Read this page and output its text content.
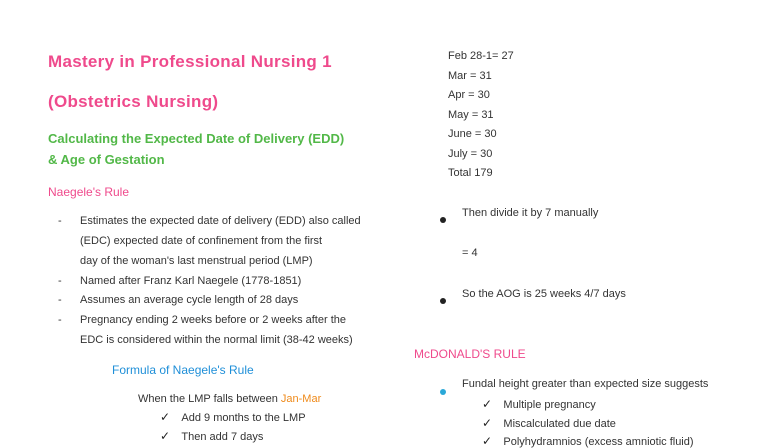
Mastery in Professional Nursing 1
(Obstetrics Nursing)
Calculating the Expected Date of Delivery (EDD)
& Age of Gestation
Naegele's Rule
- Estimates the expected date of delivery (EDD) also called
(EDC) expected date of confinement from the first
day of the woman's last menstrual period (LMP)
- Named after Franz Karl Naegele (1778-1851)
- Assumes an average cycle length of 28 days
- Pregnancy ending 2 weeks before or 2 weeks after the
EDC is considered within the normal limit (38-42 weeks)
Formula of Naegele's Rule
When the LMP falls between Jan-Mar
✓ Add 9 months to the LMP
✓ Then add 7 days
Feb 28-1= 27
Mar = 31
Apr = 30
May = 31
June = 30
July = 30
Total 179
Then divide it by 7 manually
= 4
So the AOG is 25 weeks 4/7 days
McDONALD'S RULE
Fundal height greater than expected size suggests
✓ Multiple pregnancy
✓ Miscalculated due date
✓ Polyhydramnios (excess amniotic fluid)
